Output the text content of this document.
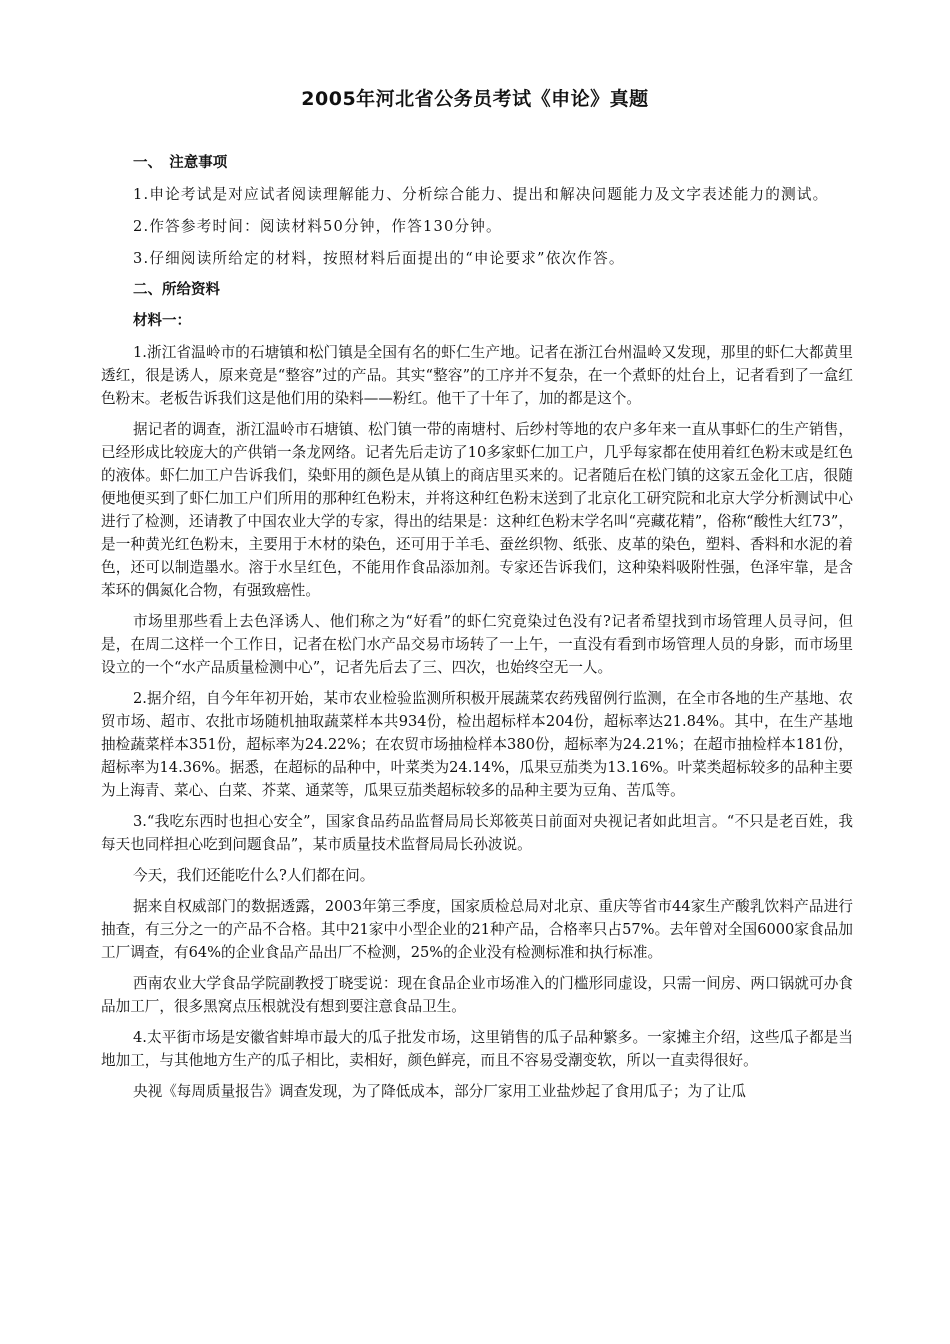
2005年河北省公务员考试《申论》真题

一、　注意事项

1.申论考试是对应试者阅读理解能力、分析综合能力、提出和解决问题能力及文字表述能力的测试。

2.作答参考时间：阅读材料50分钟，作答130分钟。

3.仔细阅读所给定的材料，按照材料后面提出的“申论要求”依次作答。

二、所给资料

材料一：

1.浙江省温岭市的石塘镇和松门镇是全国有名的虾仁生产地。记者在浙江台州温岭又发现，那里的虾仁大都黄里透红，很是诱人，原来竟是“整容”过的产品。其实“整容”的工序并不复杂，在一个煮虾的灶台上，记者看到了一盒红色粉末。老板告诉我们这是他们用的染料——粉红。他干了十年了，加的都是这个。

据记者的调查，浙江温岭市石塘镇、松门镇一带的南塘村、后纱村等地的农户多年来一直从事虾仁的生产销售，已经形成比较庞大的产供销一条龙网络。记者先后走访了10多家虾仁加工户，几乎每家都在使用着红色粉末或是红色的液体。虾仁加工户告诉我们，染虾用的颜色是从镇上的商店里买来的。记者随后在松门镇的这家五金化工店，很随便地便买到了虾仁加工户们所用的那种红色粉末，并将这种红色粉末送到了北京化工研究院和北京大学分析测试中心进行了检测，还请教了中国农业大学的专家，得出的结果是：这种红色粉末学名叫“亮藏花精”，俗称“酸性大红73”，是一种黄光红色粉末，主要用于木材的染色，还可用于羊毛、蚕丝织物、纸张、皮革的染色，塑料、香料和水泥的着色，还可以制造墨水。溶于水呈红色，不能用作食品添加剂。专家还告诉我们，这种染料吸附性强，色泽牢靠，是含苯环的偶氮化合物，有强致癌性。

市场里那些看上去色泽诱人、他们称之为“好看”的虾仁究竟染过色没有?记者希望找到市场管理人员寻问，但是，在周二这样一个工作日，记者在松门水产品交易市场转了一上午，一直没有看到市场管理人员的身影，而市场里设立的一个“水产品质量检测中心”，记者先后去了三、四次，也始终空无一人。

2.据介绍，自今年年初开始，某市农业检验监测所积极开展蔬菜农药残留例行监测，在全市各地的生产基地、农贸市场、超市、农批市场随机抽取蔬菜样本共934份，检出超标样本204份，超标率达21.84%。其中，在生产基地抽检蔬菜样本351份，超标率为24.22%；在农贸市场抽检样本380份，超标率为24.21%；在超市抽检样本181份，超标率为14.36%。据悉，在超标的品种中，叶菜类为24.14%，瓜果豆茄类为13.16%。叶菜类超标较多的品种主要为上海青、菜心、白菜、芥菜、通菜等，瓜果豆茄类超标较多的品种主要为豆角、苦瓜等。

3.“我吃东西时也担心安全”，国家食品药品监督局局长郑筱英日前面对央视记者如此坦言。“不只是老百姓，我每天也同样担心吃到问题食品”，某市质量技术监督局局长孙波说。

今天，我们还能吃什么?人们都在问。

据来自权威部门的数据透露，2003年第三季度，国家质检总局对北京、重庆等省市44家生产酸乳饮料产品进行抽查，有三分之一的产品不合格。其中21家中小型企业的21种产品，合格率只占57%。去年曾对全国6000家食品加工厂调查，有64%的企业食品产品出厂不检测，25%的企业没有检测标准和执行标准。

西南农业大学食品学院副教授丁晓雯说：现在食品企业市场准入的门槛形同虚设，只需一间房、两口锅就可办食品加工厂，很多黑窝点压根就没有想到要注意食品卫生。

4.太平街市场是安徽省蚌埠市最大的瓜子批发市场，这里销售的瓜子品种繁多。一家摊主介绍，这些瓜子都是当地加工，与其他地方生产的瓜子相比，卖相好，颜色鲜亮，而且不容易受潮变软，所以一直卖得很好。

央视《每周质量报告》调查发现，为了降低成本，部分厂家用工业盐炒起了食用瓜子；为了让瓜
